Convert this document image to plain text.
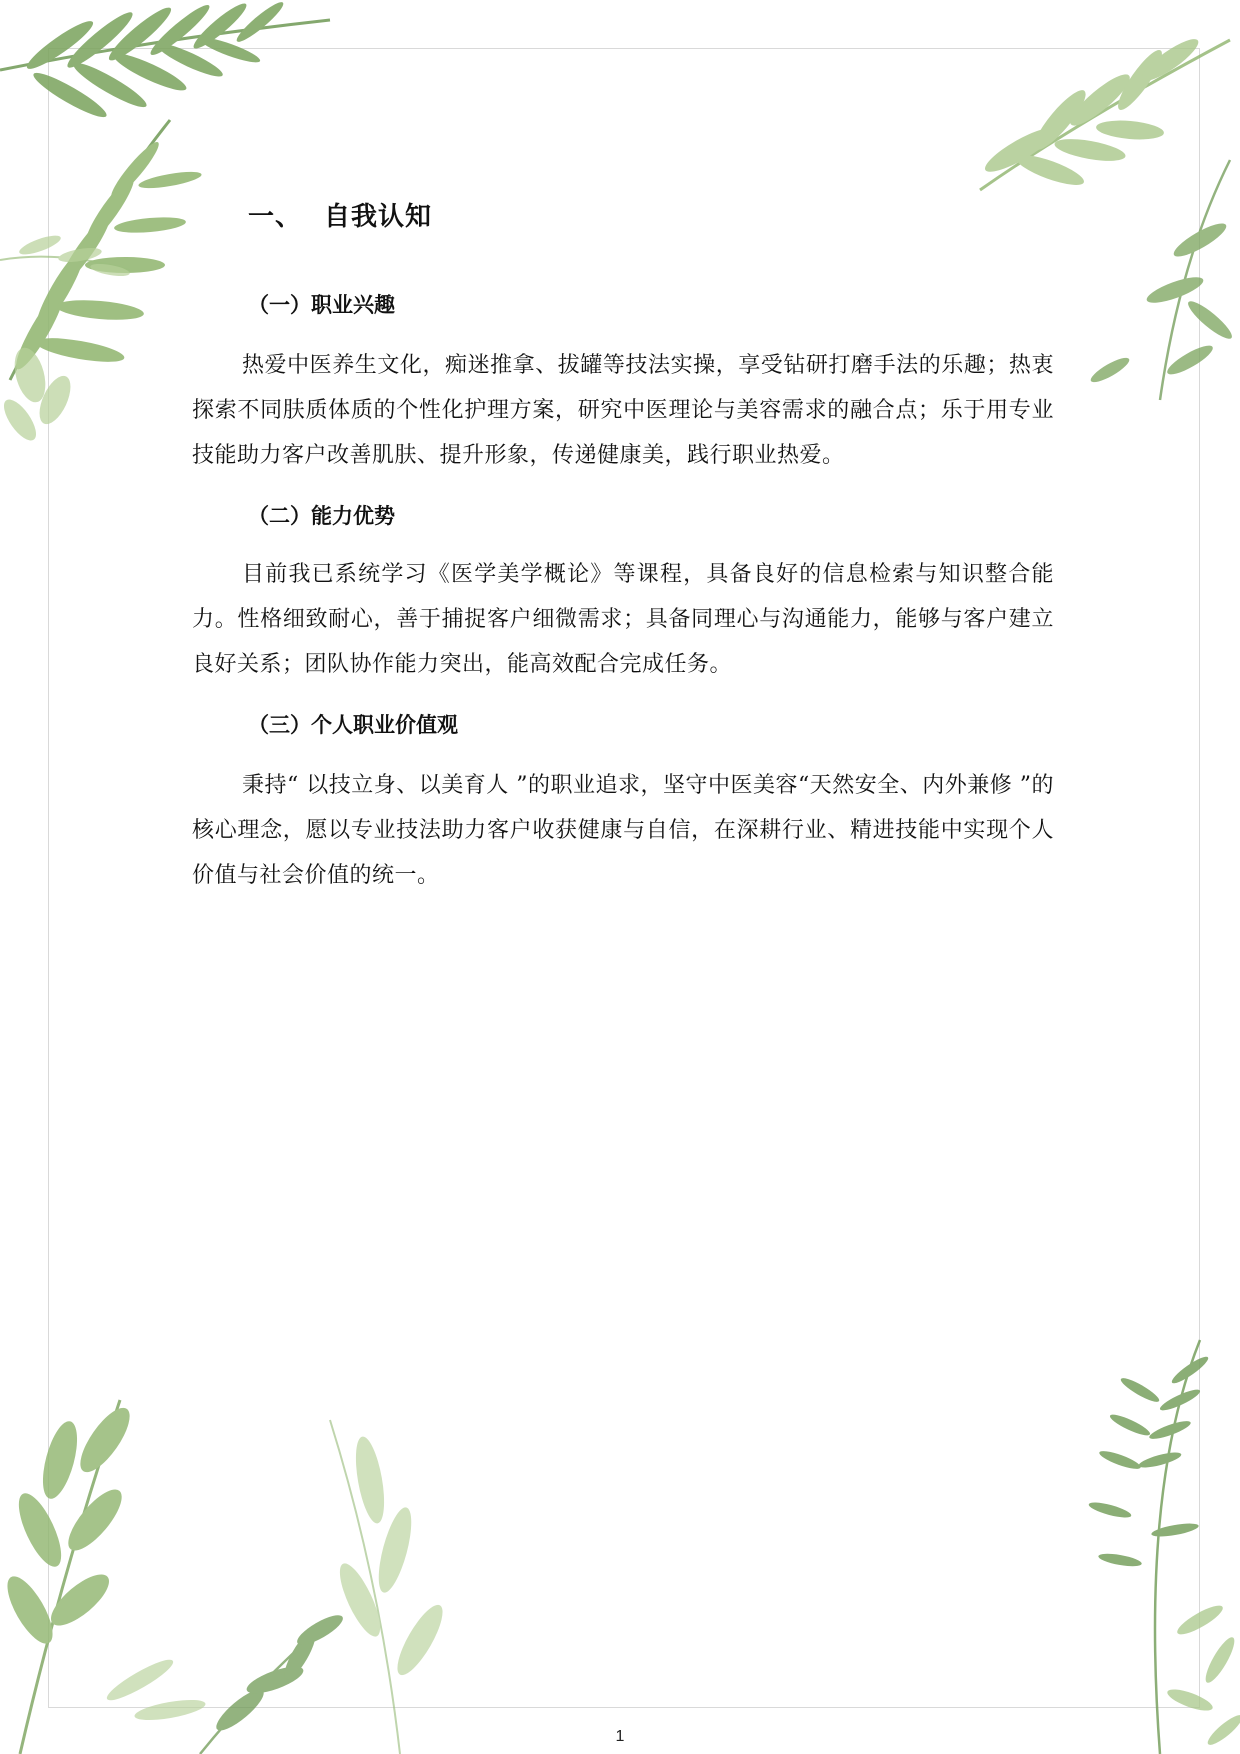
一、 自我认知
（一）职业兴趣

热爱中医养生文化，痴迷推拿、拔罐等技法实操，享受钻研打磨手法的乐趣；热衷探索不同肤质体质的个性化护理方案，研究中医理论与美容需求的融合点；乐于用专业技能助力客户改善肌肤、提升形象，传递健康美，践行职业热爱。

（二）能力优势

目前我已系统学习《医学美学概论》等课程，具备良好的信息检索与知识整合能力。性格细致耐心，善于捕捉客户细微需求；具备同理心与沟通能力，能够与客户建立良好关系；团队协作能力突出，能高效配合完成任务。

（三）个人职业价值观

秉持“ 以技立身、以美育人 ”的职业追求，坚守中医美容“天然安全、内外兼修 ”的核心理念，愿以专业技法助力客户收获健康与自信，在深耕行业、精进技能中实现个人价值与社会价值的统一。

1
